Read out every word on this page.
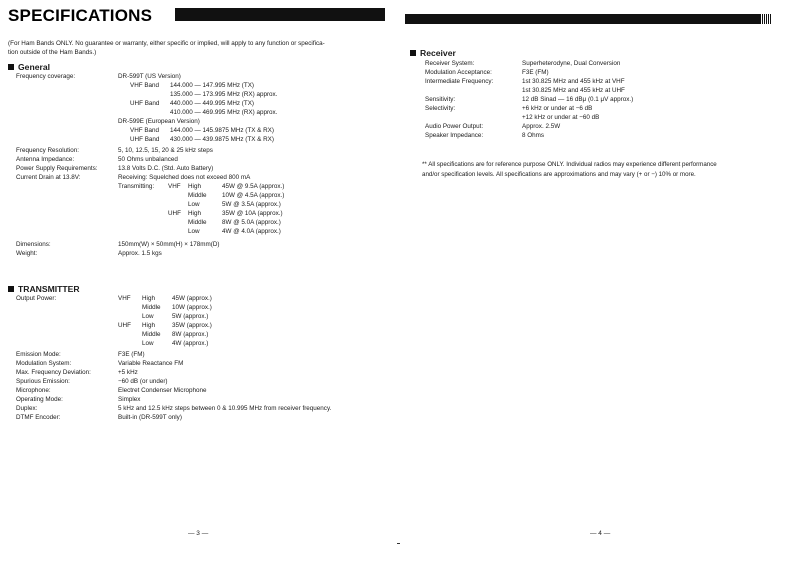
SPECIFICATIONS
(For Ham Bands ONLY. No guarantee or warranty, either specific or implied, will apply to any function or specifica-
tion outside of the Ham Bands.)
General
Frequency coverage:	DR-599T (US Version)
VHF Band 144.000 — 147.995 MHz (TX)
135.000 — 173.995 MHz (RX) approx.
UHF Band 440.000 — 449.995 MHz (TX)
410.000 — 469.995 MHz (RX) approx.
DR-599E (European Version)
VHF Band 144.000 — 145.9875 MHz (TX & RX)
UHF Band 430.000 — 439.9875 MHz (TX & RX)
Frequency Resolution:	5, 10, 12.5, 15, 20 & 25 kHz steps
Antenna Impedance:	50 Ohms unbalanced
Power Supply Requirements:	13.8 Volts D.C. (Std. Auto Battery)
Current Drain at 13.8V:	Receiving: Squelched does not exceed 800 mA
Transmitting: VHF High	45W @ 9.5A (approx.)
Middle 10W @ 4.5A (approx.)
Low	5W @ 3.5A (approx.)
UHF High	35W @ 10A (approx.)
Middle 8W @ 5.0A (approx.)
Low	4W @ 4.0A (approx.)
Dimensions:	150mm(W) × 50mm(H) × 178mm(D)
Weight:	Approx. 1.5 kgs
TRANSMITTER
Output Power:	VHF High	45W (approx.)
Middle 10W (approx.)
Low	5W (approx.)
UHF High	35W (approx.)
Middle 8W (approx.)
Low	4W (approx.)
Emission Mode:	F3E (FM)
Modulation System:	Variable Reactance FM
Max. Frequency Deviation:	+5 kHz
Spurious Emission:	−60 dB (or under)
Microphone:	Electret Condenser Microphone
Operating Mode:	Simplex
Duplex:	5 kHz and 12.5 kHz steps between 0 & 10.995 MHz from receiver frequency.
DTMF Encoder:	Built-in (DR-599T only)
— 3 —
Receiver
Receiver System:	Superheterodyne, Dual Conversion
Modulation Acceptance:	F3E (FM)
Intermediate Frequency:	1st 30.825 MHz and 455 kHz at VHF
1st 30.825 MHz and 455 kHz at UHF
Sensitivity:	12 dB Sinad — 16 dBμ (0.1 μV approx.)
Selectivity:	+6 kHz or under at −6 dB
+12 kHz or under at −60 dB
Audio Power Output:	Approx. 2.5W
Speaker Impedance:	8 Ohms
** All specifications are for reference purpose ONLY. Individual radios may experience different performance
and/or specification levels. All specifications are approximations and may vary (+ or −) 10% or more.
— 4 —
